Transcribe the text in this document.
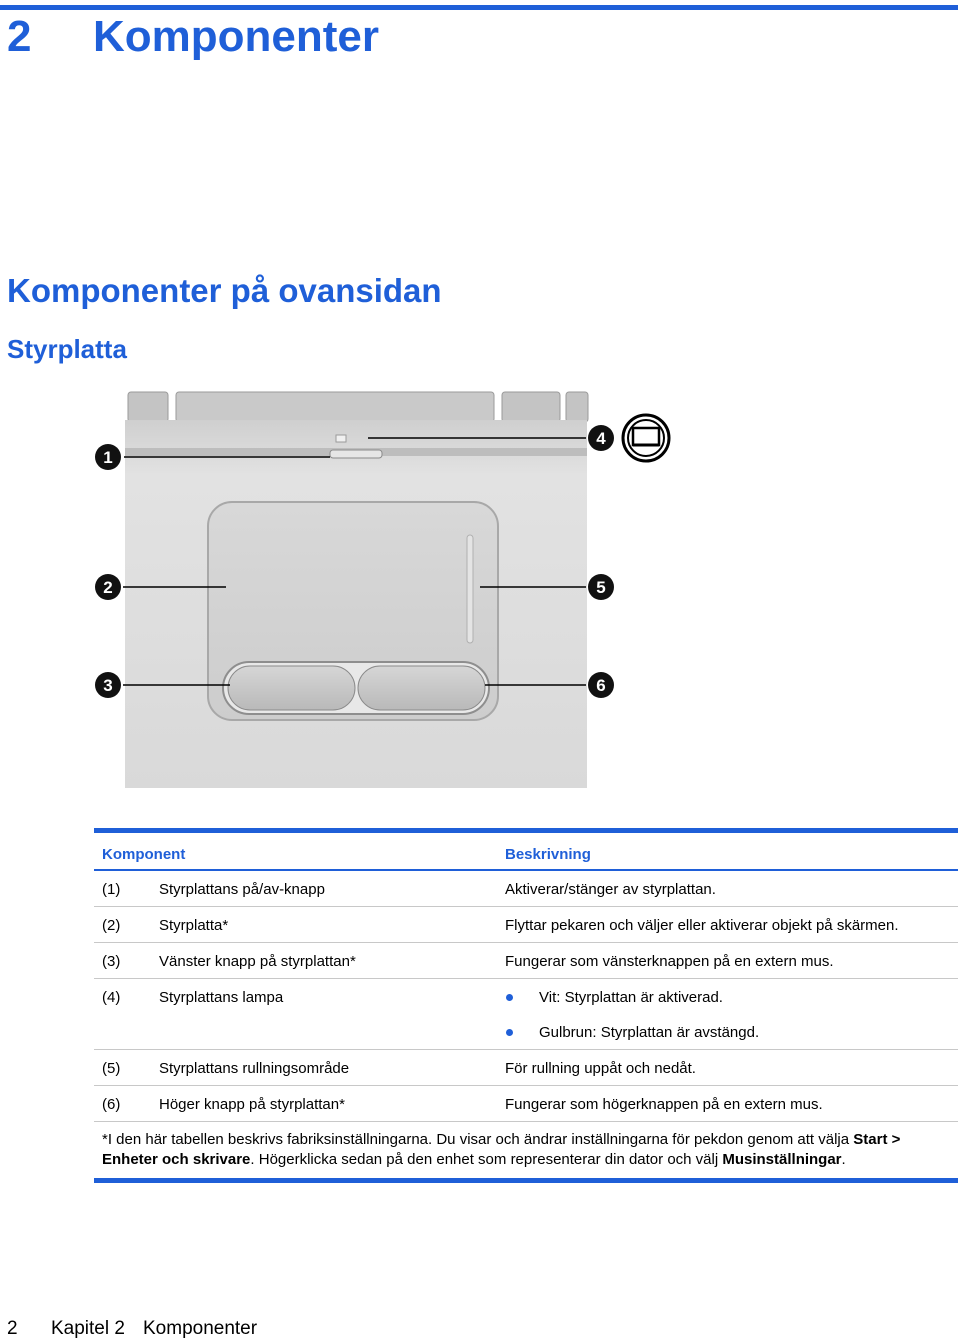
2 Komponenter
Komponenter på ovansidan
Styrplatta
1
2
3
4
5
6
Komponent	Beskrivning
(1)	Styrplattans på/av-knapp	Aktiverar/stänger av styrplattan.
(2)	Styrplatta*	Flyttar pekaren och väljer eller aktiverar objekt på skärmen.
(3)	Vänster knapp på styrplattan*	Fungerar som vänsterknappen på en extern mus.
(4)	Styrplattans lampa	Vit: Styrplattan är aktiverad.
Gulbrun: Styrplattan är avstängd.
(5)	Styrplattans rullningsområde	För rullning uppåt och nedåt.
(6)	Höger knapp på styrplattan*	Fungerar som högerknappen på en extern mus.
*I den här tabellen beskrivs fabriksinställningarna. Du visar och ändrar inställningarna för pekdon genom att välja Start > Enheter och skrivare. Högerklicka sedan på den enhet som representerar din dator och välj Musinställningar.
2 Kapitel 2 Komponenter
